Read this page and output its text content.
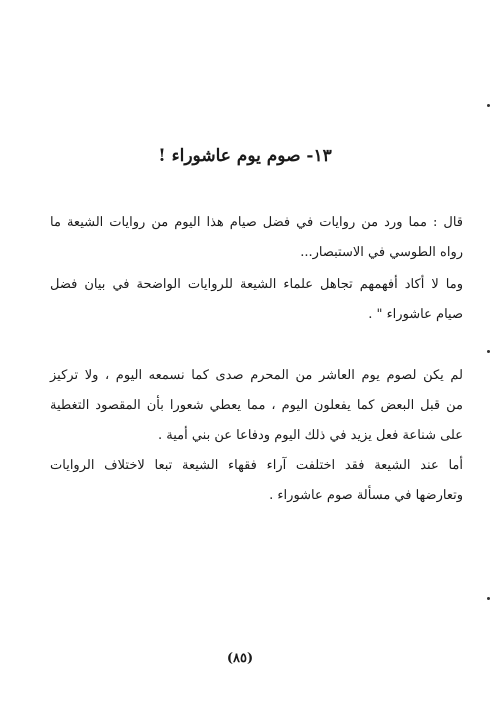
١٣- صوم يوم عاشوراء !
قال : مما ورد من روايات في فضل صيام هذا اليوم من روايات الشيعة ما
رواه الطوسي في الاستبصار...
وما لا أكاد أفهمهم تجاهل علماء الشيعة للروايات الواضحة في بيان فضل
صيام عاشوراء " .
لم يكن لصوم يوم العاشر من المحرم صدى كما نسمعه اليوم ، ولا تركيز
من قبل البعض كما يفعلون اليوم ، مما يعطي شعورا بأن المقصود التغطية
على شناعة فعل يزيد في ذلك اليوم ودفاعا عن بني أمية .
أما عند الشيعة فقد اختلفت آراء فقهاء الشيعة تبعا لاختلاف الروايات
وتعارضها في مسألة صوم عاشوراء .
(٨٥)
